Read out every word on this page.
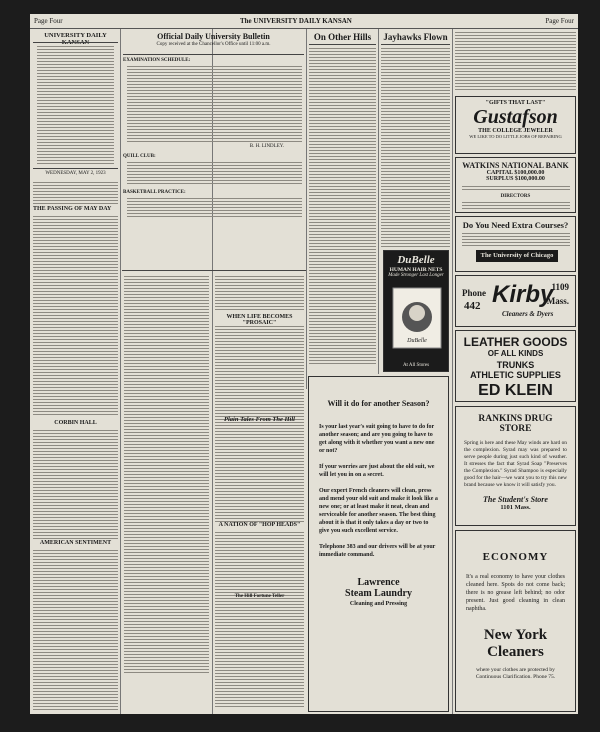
Page Four	The UNIVERSITY DAILY KANSAN	Page Four
UNIVERSITY DAILY
WEDNESDAY, MAY 2, 1923
THE PASSING OF MAY DAY
CORBIN HALL
AMERICAN SENTIMENT
Official Daily University Bulletin
Copy received at the Chancellor's Office until 11:00 a.m.
EXAMINATION SCHEDULE:
B. H. LINDLEY.
QUILL CLUB:
BASKETBALL PRACTICE:
WHEN LIFE BECOMES "PROSAIC"
A NATION OF "HOP HEADS"
Plain Tales From The Hill
The Hill Fortune Teller
On Other Hills	Jayhawks Flown
DuBelle
HUMAN HAIR NETS
Made Stronger Last Longer
DuBelle
At All Stores
Will it do for another Season?
Is your last year's suit going to have to do for another season; and are you going to have to get along with it whether you want a new one or not?
If your worries are just about the old suit, we will let you in on a secret.
Our expert French cleaners will clean, press and mend your old suit and make it look like a new one; or at least make it neat, clean and serviceable for another season. The best thing about it is that it only takes a day or two to give you such excellent service.
Telephone 383 and our drivers will be at your immediate command.
Lawrence
Steam Laundry
Cleaning and Pressing
"GIFTS THAT LAST"
Gustafson
THE COLLEGE JEWELER
WE LIKE TO DO LITTLE JOBS OF REPAIRING
WATKINS NATIONAL BANK
CAPITAL $100,000.00
SURPLUS $100,000.00
DIRECTORS
Do You Need Extra Courses?
The University of Chicago
Phone
442 Kirby
Cleaners & Dyers
1109
Mass.
LEATHER GOODS
OF ALL KINDS
TRUNKS
ATHLETIC SUPPLIES
ED KLEIN
RANKINS DRUG STORE
Spring is here and these May winds are hard on the complexion. Syrad may was prepared to serve people during just such kind of weather. It stresses the fact that Syrad Soap "Preserves the Complexion." Syrad Shampoo is especially good for the hair—we want you to try this new brand because we know it will satisfy you.
The Student's Store
1101 Mass.
ECONOMY
It's a real economy to have your clothes cleaned here. Spots do not come back; there is no grease left behind; no odor present. Just good cleaning in clean naphtha.
New York
Cleaners
where your clothes are protected by Continuous Clarification. Phone 75.
